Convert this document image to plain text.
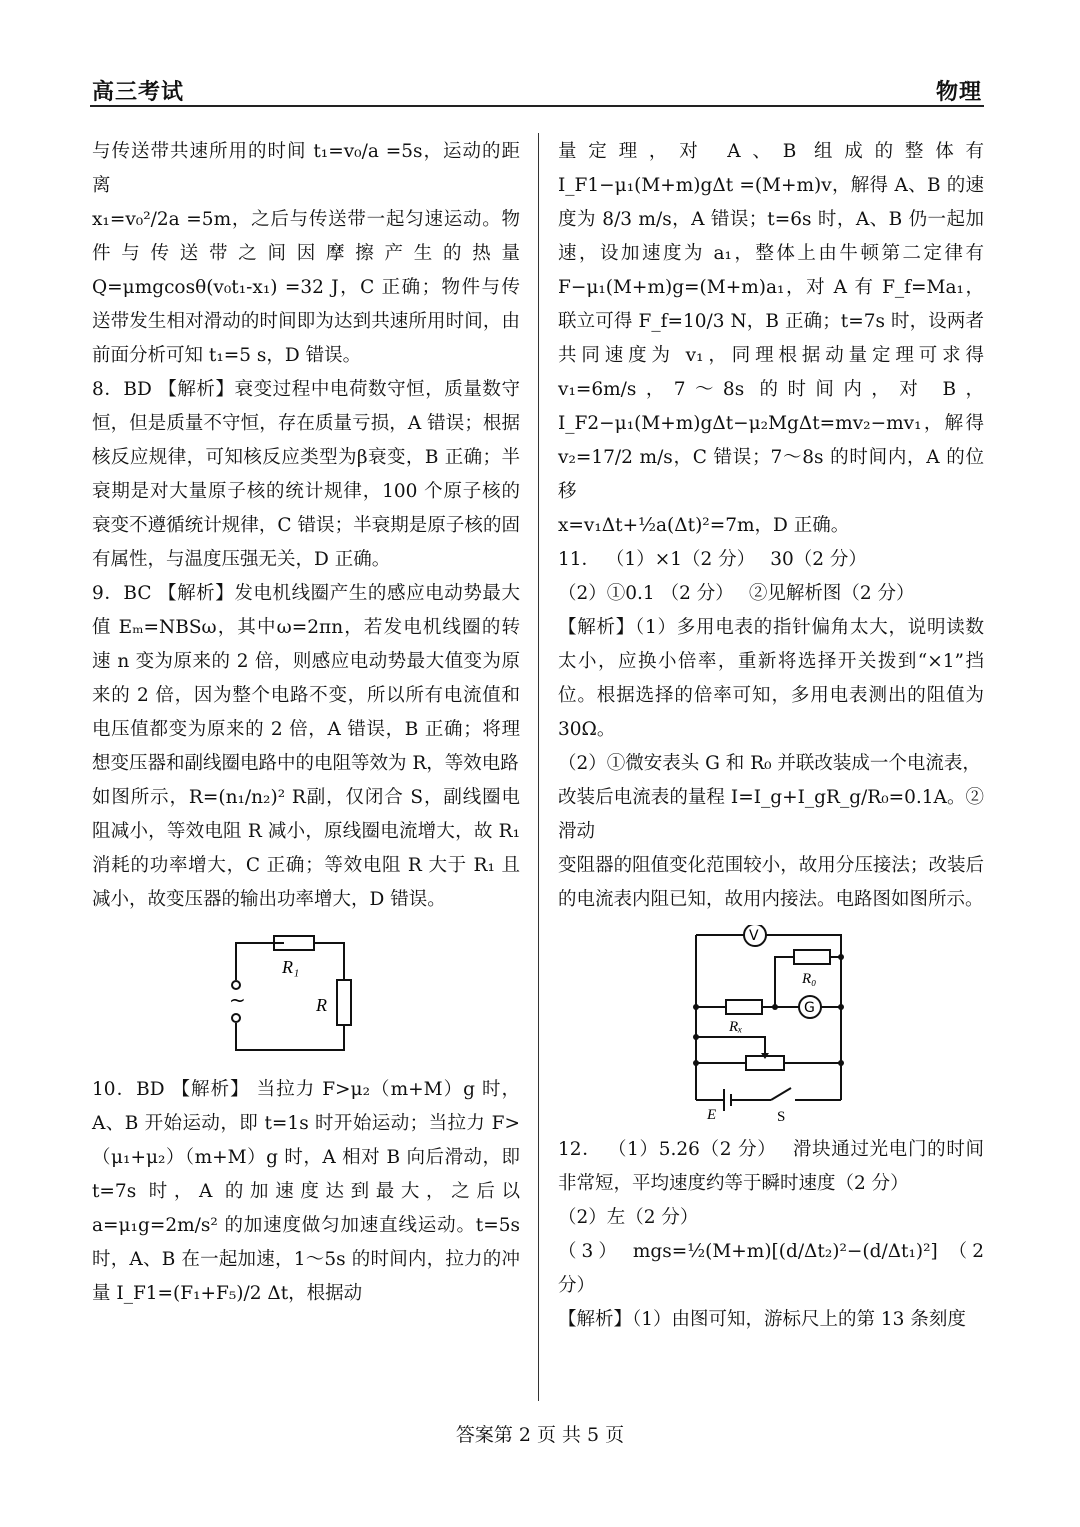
高三考试	物理

与传送带共速所用的时间 t₁=v₀/a =5s，运动的距离

x₁=v₀²/2a =5m，之后与传送带一起匀速运动。物件与传送带之间因摩擦产生的热量 Q=μmgcosθ(v₀t₁-x₁) =32 J，C 正确；物件与传送带发生相对滑动的时间即为达到共速所用时间，由前面分析可知 t₁=5 s，D 错误。

8．BD 【解析】衰变过程中电荷数守恒，质量数守恒，但是质量不守恒，存在质量亏损，A 错误；根据核反应规律，可知核反应类型为β衰变，B 正确；半衰期是对大量原子核的统计规律，100 个原子核的衰变不遵循统计规律，C 错误；半衰期是原子核的固有属性，与温度压强无关，D 正确。

9．BC 【解析】发电机线圈产生的感应电动势最大值 Eₘ=NBSω，其中ω=2πn，若发电机线圈的转速 n 变为原来的 2 倍，则感应电动势最大值变为原来的 2 倍，因为整个电路不变，所以所有电流值和电压值都变为原来的 2 倍，A 错误，B 正确；将理想变压器和副线圈电路中的电阻等效为 R，等效电路

如图所示，R=(n₁/n₂)² R副，仅闭合 S，副线圈电阻减小，等效电阻 R 减小，原线圈电流增大，故 R₁ 消耗的功率增大，C 正确；等效电阻 R 大于 R₁ 且减小，故变压器的输出功率增大，D 错误。

~
R₁
R

10．BD 【解析】 当拉力 F>μ₂（m+M）g 时，A、B 开始运动，即 t=1s 时开始运动；当拉力 F>（μ₁+μ₂）（m+M）g 时，A 相对 B 向后滑动，即 t=7s 时，A 的加速度达到最大，之后以 a=μ₁g=2m/s² 的加速度做匀加速直线运动。t=5s 时，A、B 在一起加速，1～5s 的时间内，拉力的冲量 I_F1=(F₁+F₅)/2 Δt，根据动

量定理，对 A、B 组成的整体有 I_F1−μ₁(M+m)gΔt =(M+m)v，解得 A、B 的速度为 8/3 m/s，A 错误；t=6s 时，A、B 仍一起加速，设加速度为 a₁，整体上由牛顿第二定律有 F−μ₁(M+m)g=(M+m)a₁，对 A 有 F_f=Ma₁，联立可得 F_f=10/3 N，B 正确；t=7s 时，设两者共同速度为 v₁，同理根据动量定理可求得 v₁=6m/s，7～8s 的时间内，对 B，I_F2−μ₁(M+m)gΔt−μ₂MgΔt=mv₂−mv₁，解得 v₂=17/2 m/s，C 错误；7～8s 的时间内，A 的位移

x=v₁Δt+½a(Δt)²=7m，D 正确。

11． （1）×1（2 分）　 30（2 分）

（2）①0.1 （2 分）　 ②见解析图（2 分）

【解析】（1）多用电表的指针偏角太大，说明读数太小，应换小倍率，重新将选择开关拨到“×1”挡位。根据选择的倍率可知，多用电表测出的阻值为 30Ω。

（2）①微安表头 G 和 R₀ 并联改装成一个电流表，

改装后电流表的量程 I=I_g+I_gR_g/R₀=0.1A。②滑动

变阻器的阻值变化范围较小，故用分压接法；改装后的电流表内阻已知，故用内接法。电路图如图所示。

V
G
R₀
Rₓ
E	S

12． （1）5.26（2 分）　 滑块通过光电门的时间非常短，平均速度约等于瞬时速度（2 分）

（2）左（2 分）

（3） mgs=½(M+m)[(d/Δt₂)²−(d/Δt₁)²] （2 分）

【解析】（1）由图可知，游标尺上的第 13 条刻度

答案第 2 页 共 5 页
